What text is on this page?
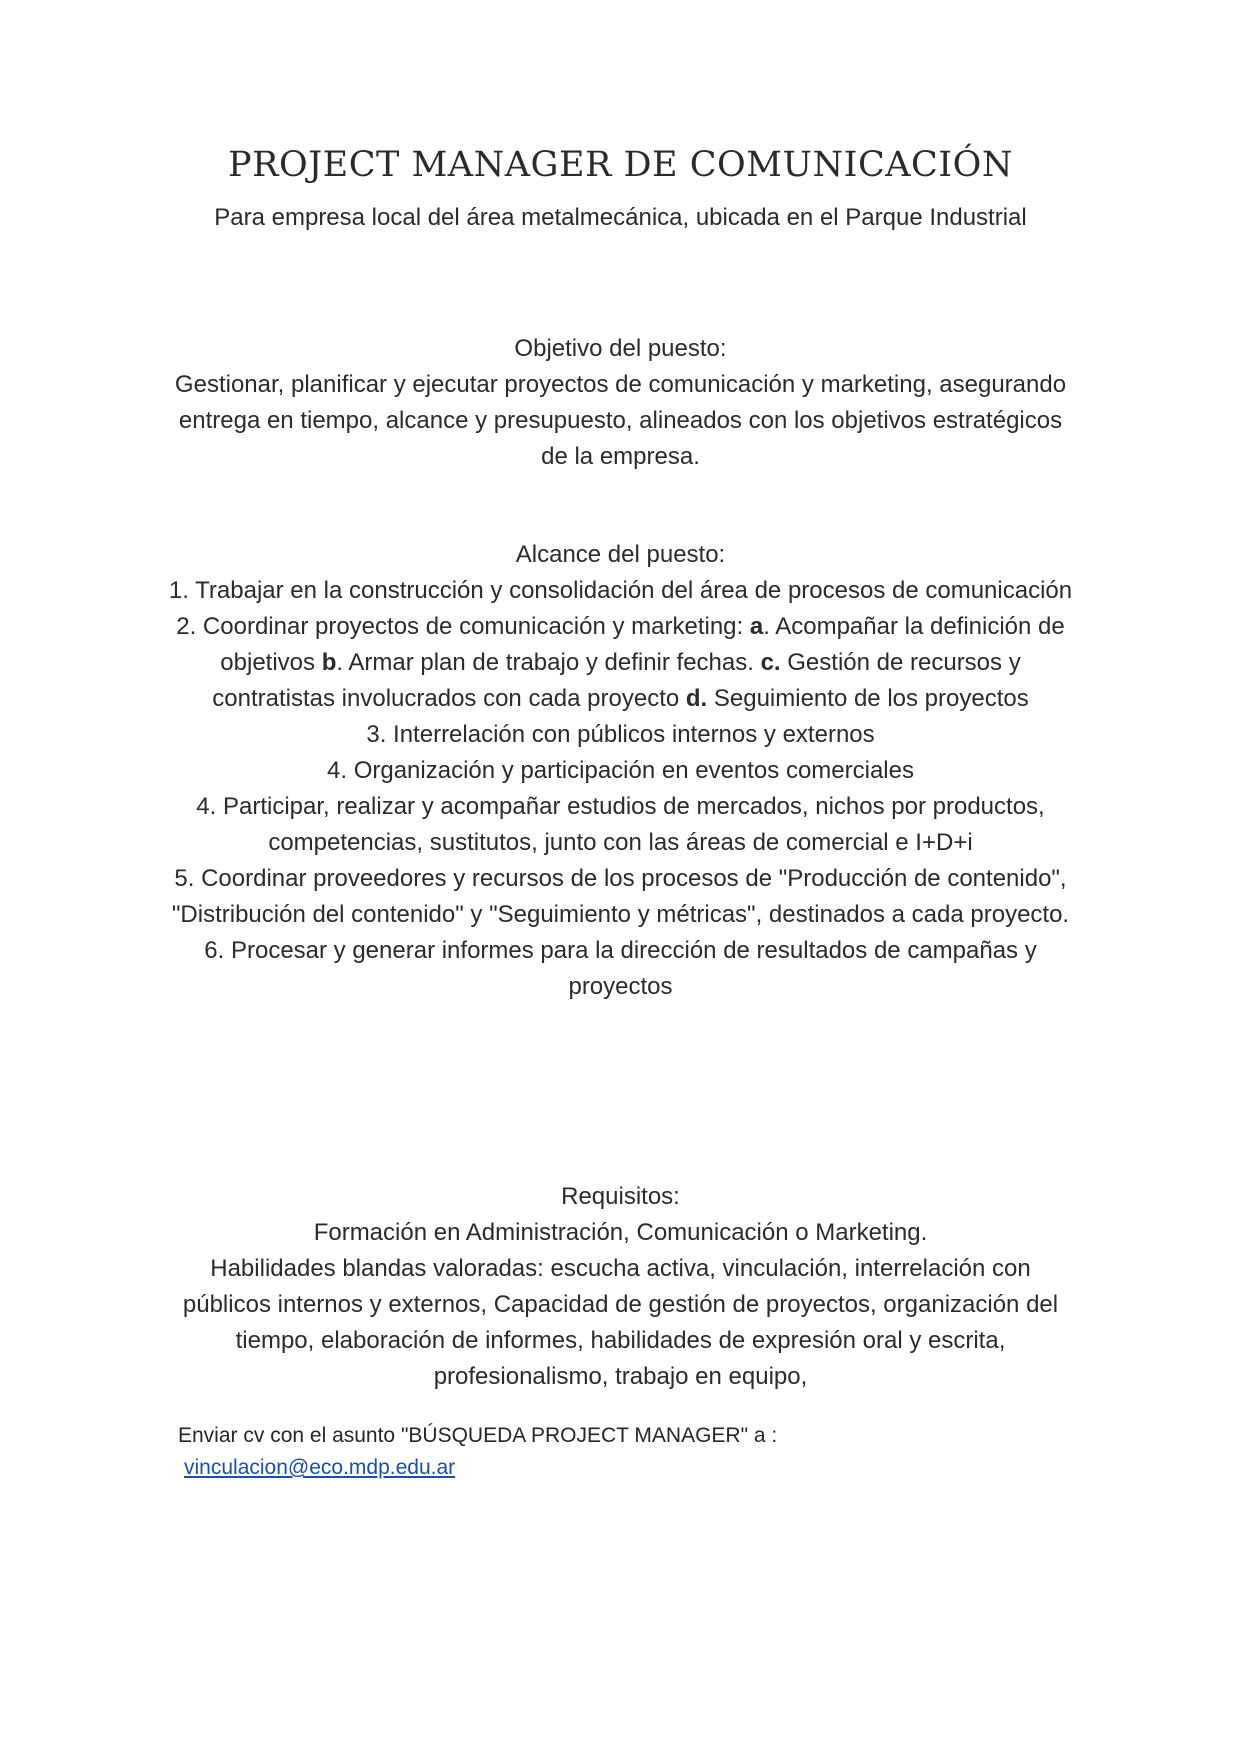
PROJECT MANAGER DE COMUNICACIÓN

Para empresa local del área metalmecánica, ubicada en el Parque Industrial

Objetivo del puesto:

Gestionar, planificar y ejecutar proyectos de comunicación y marketing, asegurando entrega en tiempo, alcance y presupuesto, alineados con los objetivos estratégicos de la empresa.

Alcance del puesto:

1. Trabajar en la construcción y consolidación del área de procesos de comunicación

2. Coordinar proyectos de comunicación y marketing: a. Acompañar la definición de objetivos b. Armar plan de trabajo y definir fechas. c. Gestión de recursos y contratistas involucrados con cada proyecto d. Seguimiento de los proyectos

3. Interrelación con públicos internos y externos

4. Organización y participación en eventos comerciales

4. Participar, realizar y acompañar estudios de mercados, nichos por productos, competencias, sustitutos, junto con las áreas de comercial e I+D+i

5. Coordinar proveedores y recursos de los procesos de "Producción de contenido", "Distribución del contenido" y "Seguimiento y métricas", destinados a cada proyecto.

6. Procesar y generar informes para la dirección de resultados de campañas y proyectos

Requisitos:

Formación en Administración, Comunicación o Marketing.

Habilidades blandas valoradas: escucha activa, vinculación, interrelación con públicos internos y externos, Capacidad de gestión de proyectos, organización del tiempo, elaboración de informes, habilidades de expresión oral y escrita, profesionalismo, trabajo en equipo,

Enviar cv con el asunto "BÚSQUEDA PROJECT MANAGER" a :
vinculacion@eco.mdp.edu.ar
